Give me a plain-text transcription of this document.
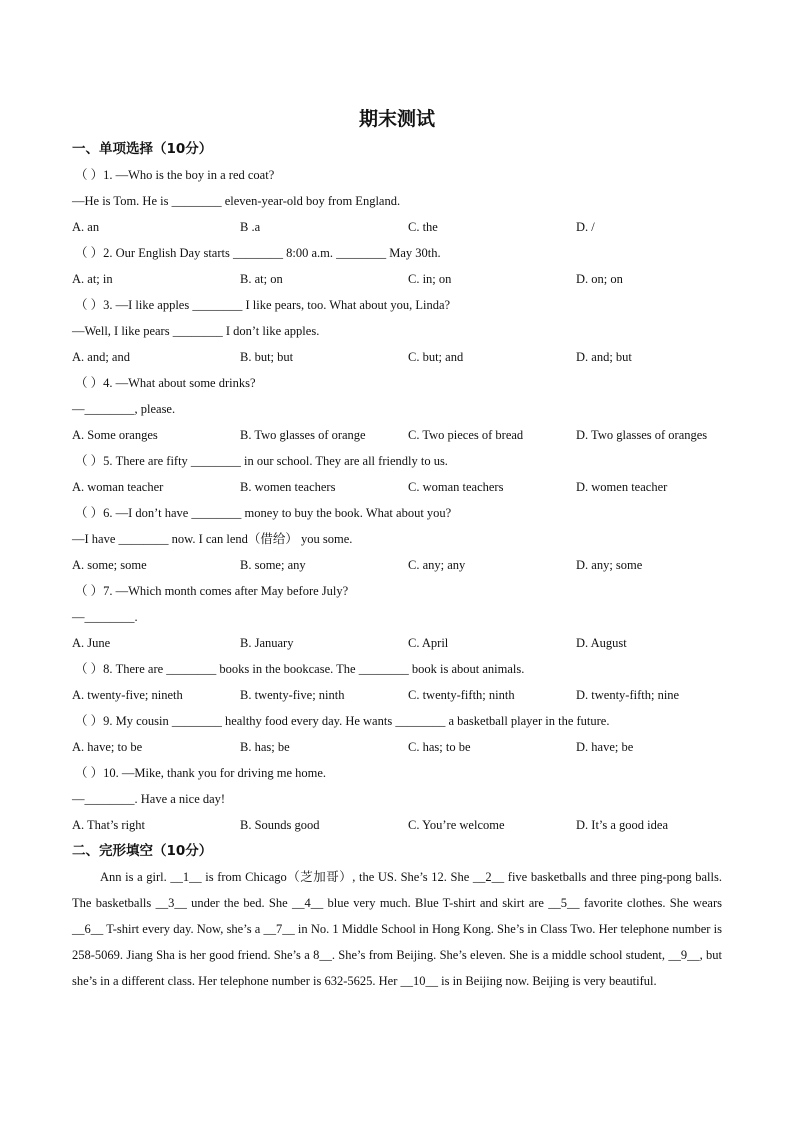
期末测试
一、单项选择（10分）
（ ）1. —Who is the boy in a red coat?
—He is Tom. He is ________ eleven-year-old boy from England.
A. an	B .a	C. the	D. /
（ ）2. Our English Day starts ________ 8:00 a.m. ________ May 30th.
A. at; in	B. at; on	C. in; on	D. on; on
（ ）3. —I like apples ________ I like pears, too. What about you, Linda?
—Well, I like pears ________ I don’t like apples.
A. and; and	B. but; but	C. but; and	D. and; but
（ ）4. —What about some drinks?
—________, please.
A. Some oranges	B. Two glasses of orange	C. Two pieces of bread	D. Two glasses of oranges
（ ）5. There are fifty ________ in our school. They are all friendly to us.
A. woman teacher	B. women teachers	C. woman teachers	D. women teacher
（ ）6. —I don’t have ________ money to buy the book. What about you?
—I have ________ now. I can lend（借给） you some.
A. some; some	B. some; any	C. any; any	D. any; some
（ ）7. —Which month comes after May before July?
—________.
A. June	B. January	C. April	D. August
（ ）8. There are ________ books in the bookcase. The ________ book is about animals.
A. twenty-five; nineth	B. twenty-five; ninth	C. twenty-fifth; ninth	D. twenty-fifth; nine
（ ）9. My cousin ________ healthy food every day. He wants ________ a basketball player in the future.
A. have; to be	B. has; be	C. has; to be	D. have; be
（ ）10. —Mike, thank you for driving me home.
—________. Have a nice day!
A. That’s right	B. Sounds good	C. You’re welcome	D. It’s a good idea
二、完形填空（10分）
Ann is a girl. __1__ is from Chicago（芝加哥）, the US. She’s 12. She __2__ five basketballs and three ping-pong balls. The basketballs __3__ under the bed. She __4__ blue very much. Blue T-shirt and skirt are __5__ favorite clothes. She wears __6__ T-shirt every day. Now, she’s a __7__ in No. 1 Middle School in Hong Kong. She’s in Class Two. Her telephone number is 258-5069. Jiang Sha is her good friend. She’s a 8__. She’s from Beijing. She’s eleven. She is a middle school student, __9__, but she’s in a different class. Her telephone number is 632-5625. Her __10__ is in Beijing now. Beijing is very beautiful.
